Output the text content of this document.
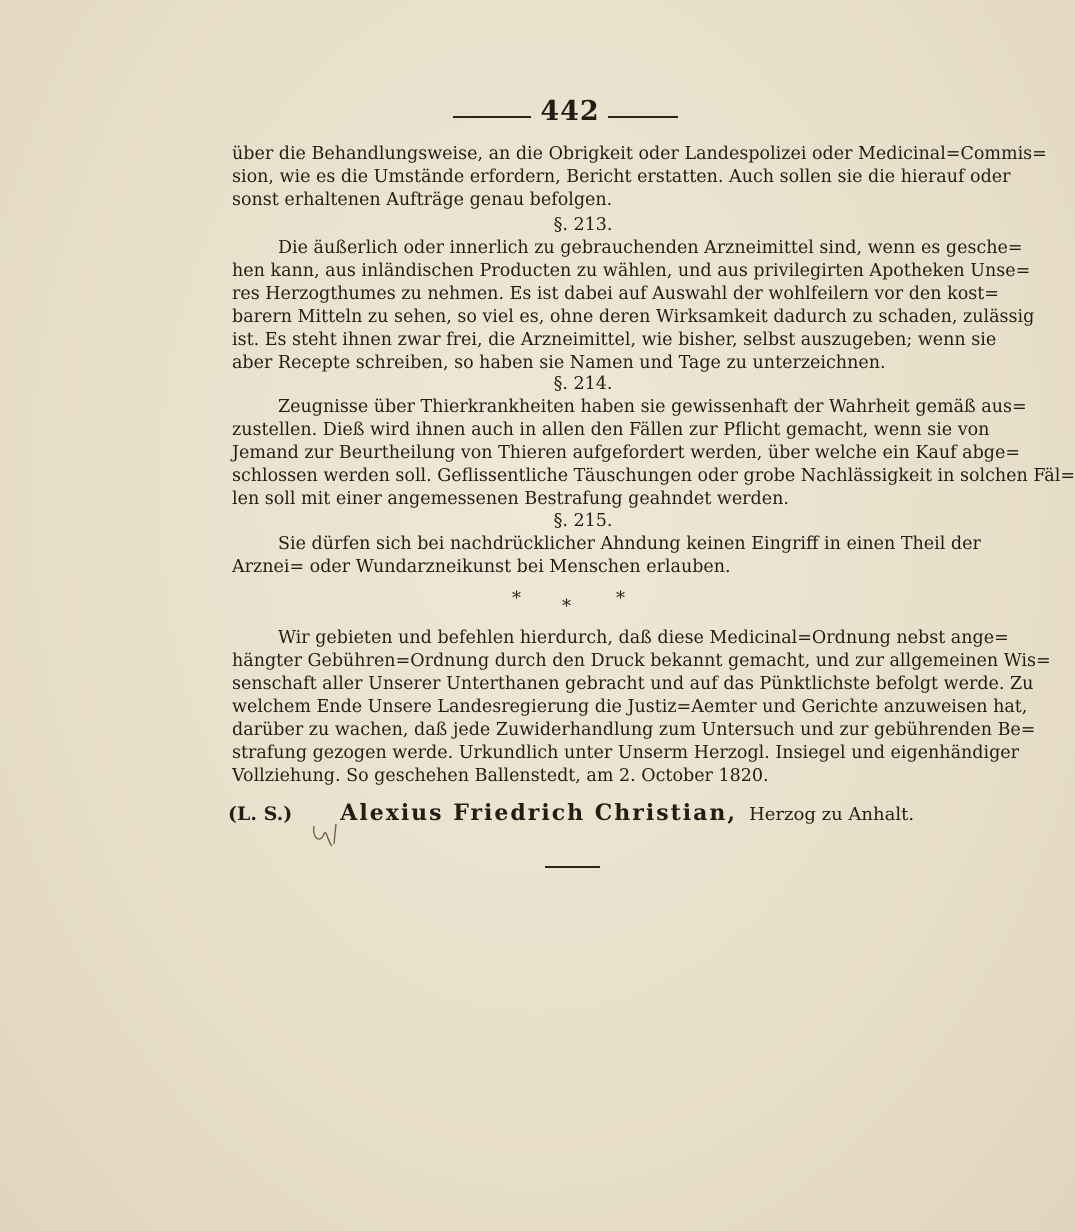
442
über die Behandlungsweise, an die Obrigkeit oder Landespolizei oder Medicinal=Commis=
sion, wie es die Umstände erfordern, Bericht erstatten. Auch sollen sie die hierauf oder
sonst erhaltenen Aufträge genau befolgen.
§. 213.
Die äußerlich oder innerlich zu gebrauchenden Arzneimittel sind, wenn es gesche=
hen kann, aus inländischen Producten zu wählen, und aus privilegirten Apotheken Unse=
res Herzogthumes zu nehmen. Es ist dabei auf Auswahl der wohlfeilern vor den kost=
barern Mitteln zu sehen, so viel es, ohne deren Wirksamkeit dadurch zu schaden, zulässig
ist. Es steht ihnen zwar frei, die Arzneimittel, wie bisher, selbst auszugeben; wenn sie
aber Recepte schreiben, so haben sie Namen und Tage zu unterzeichnen.
§. 214.
Zeugnisse über Thierkrankheiten haben sie gewissenhaft der Wahrheit gemäß aus=
zustellen. Dieß wird ihnen auch in allen den Fällen zur Pflicht gemacht, wenn sie von
Jemand zur Beurtheilung von Thieren aufgefordert werden, über welche ein Kauf abge=
schlossen werden soll. Geflissentliche Täuschungen oder grobe Nachlässigkeit in solchen Fäl=
len soll mit einer angemessenen Bestrafung geahndet werden.
§. 215.
Sie dürfen sich bei nachdrücklicher Ahndung keinen Eingriff in einen Theil der
Arznei= oder Wundarzneikunst bei Menschen erlauben.
* *	*
Wir gebieten und befehlen hierdurch, daß diese Medicinal=Ordnung nebst ange=
hängter Gebühren=Ordnung durch den Druck bekannt gemacht, und zur allgemeinen Wis=
senschaft aller Unserer Unterthanen gebracht und auf das Pünktlichste befolgt werde. Zu
welchem Ende Unsere Landesregierung die Justiz=Aemter und Gerichte anzuweisen hat,
darüber zu wachen, daß jede Zuwiderhandlung zum Untersuch und zur gebührenden Be=
strafung gezogen werde. Urkundlich unter Unserm Herzogl. Insiegel und eigenhändiger
Vollziehung. So geschehen Ballenstedt, am 2. October 1820.
(L. S.) Alexius Friedrich Christian, Herzog zu Anhalt.
